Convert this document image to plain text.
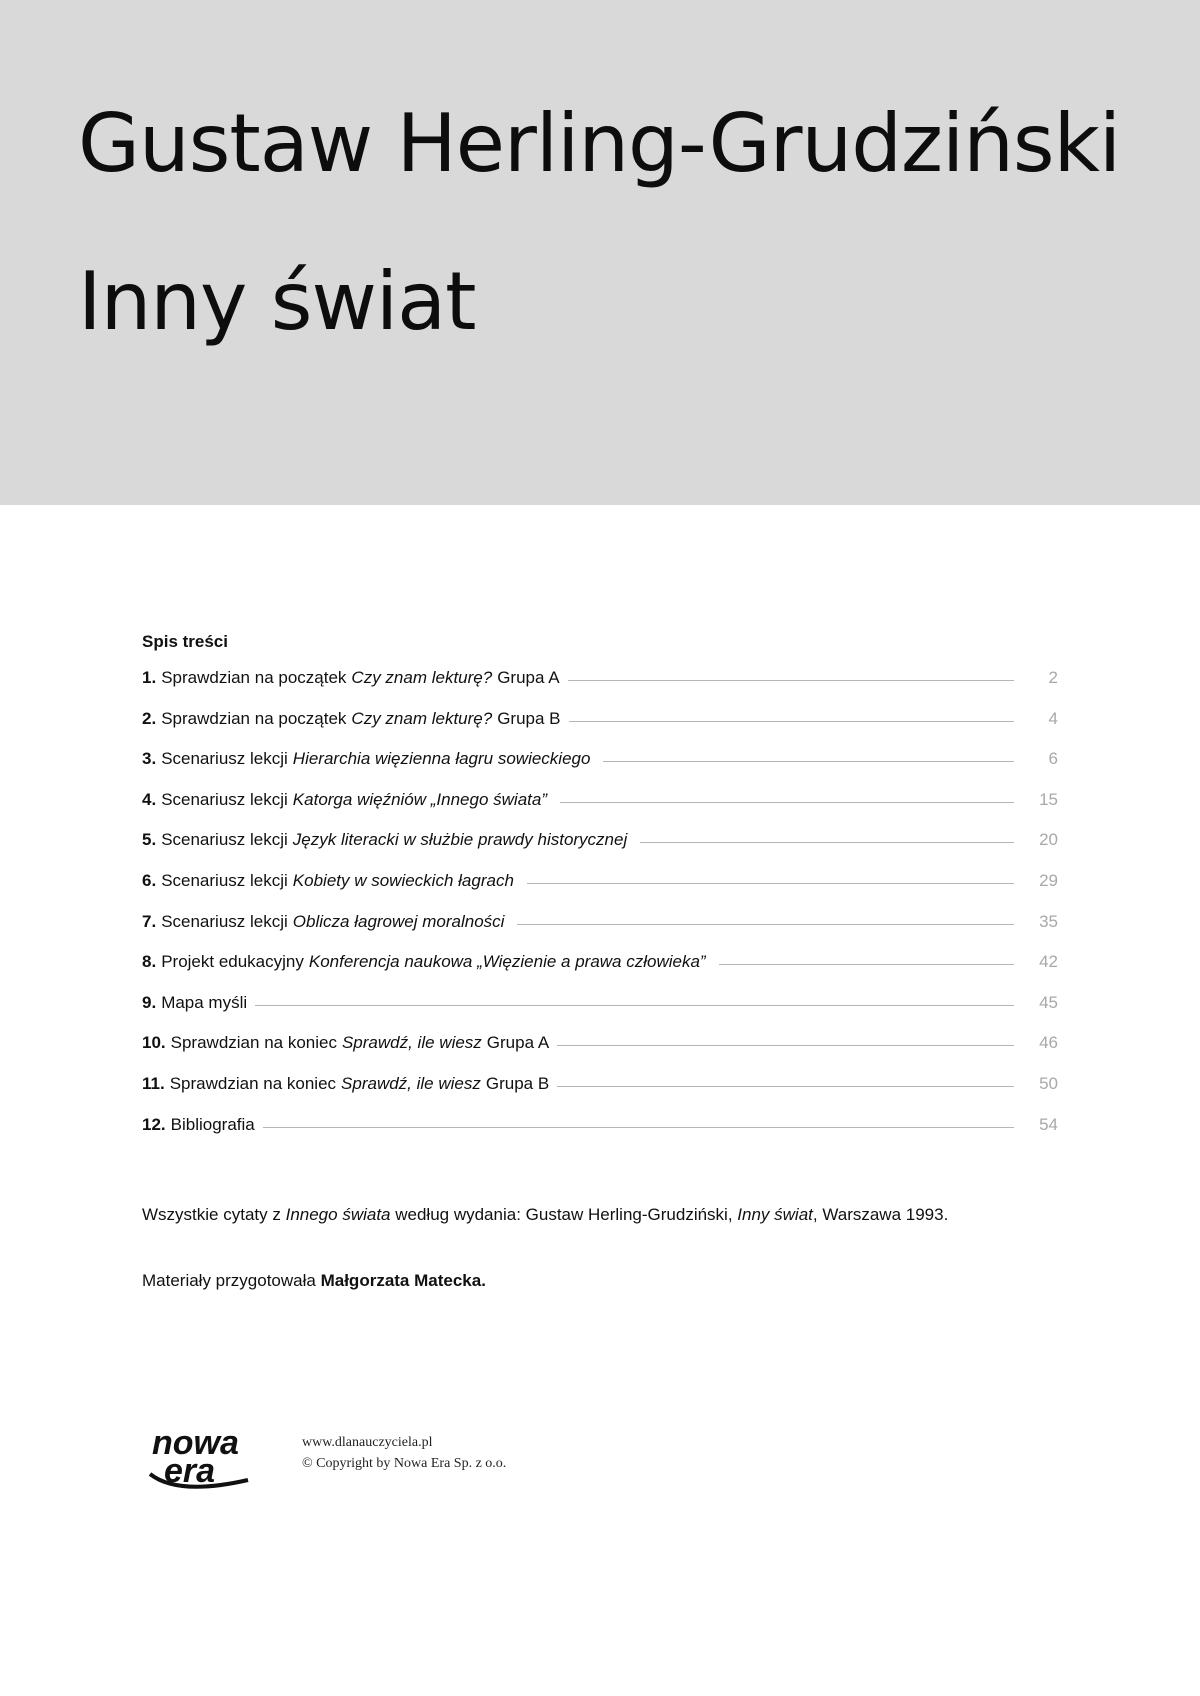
Gustaw Herling-Grudziński
Inny świat
Spis treści
1. Sprawdzian na początek Czy znam lekturę? Grupa A	2
2. Sprawdzian na początek Czy znam lekturę? Grupa B	4
3. Scenariusz lekcji Hierarchia więzienna łagru sowieckiego	6
4. Scenariusz lekcji Katorga więźniów „Innego świata”	15
5. Scenariusz lekcji Język literacki w służbie prawdy historycznej	20
6. Scenariusz lekcji Kobiety w sowieckich łagrach	29
7. Scenariusz lekcji Oblicza łagrowej moralności	35
8. Projekt edukacyjny Konferencja naukowa „Więzienie a prawa człowieka”	42
9. Mapa myśli	45
10. Sprawdzian na koniec Sprawdź, ile wiesz Grupa A	46
11. Sprawdzian na koniec Sprawdź, ile wiesz Grupa B	50
12. Bibliografia	54
Wszystkie cytaty z Innego świata według wydania: Gustaw Herling-Grudziński, Inny świat, Warszawa 1993.
Materiały przygotowała Małgorzata Matecka.
nowa
era
www.dlanauczyciela.pl
© Copyright by Nowa Era Sp. z o.o.
